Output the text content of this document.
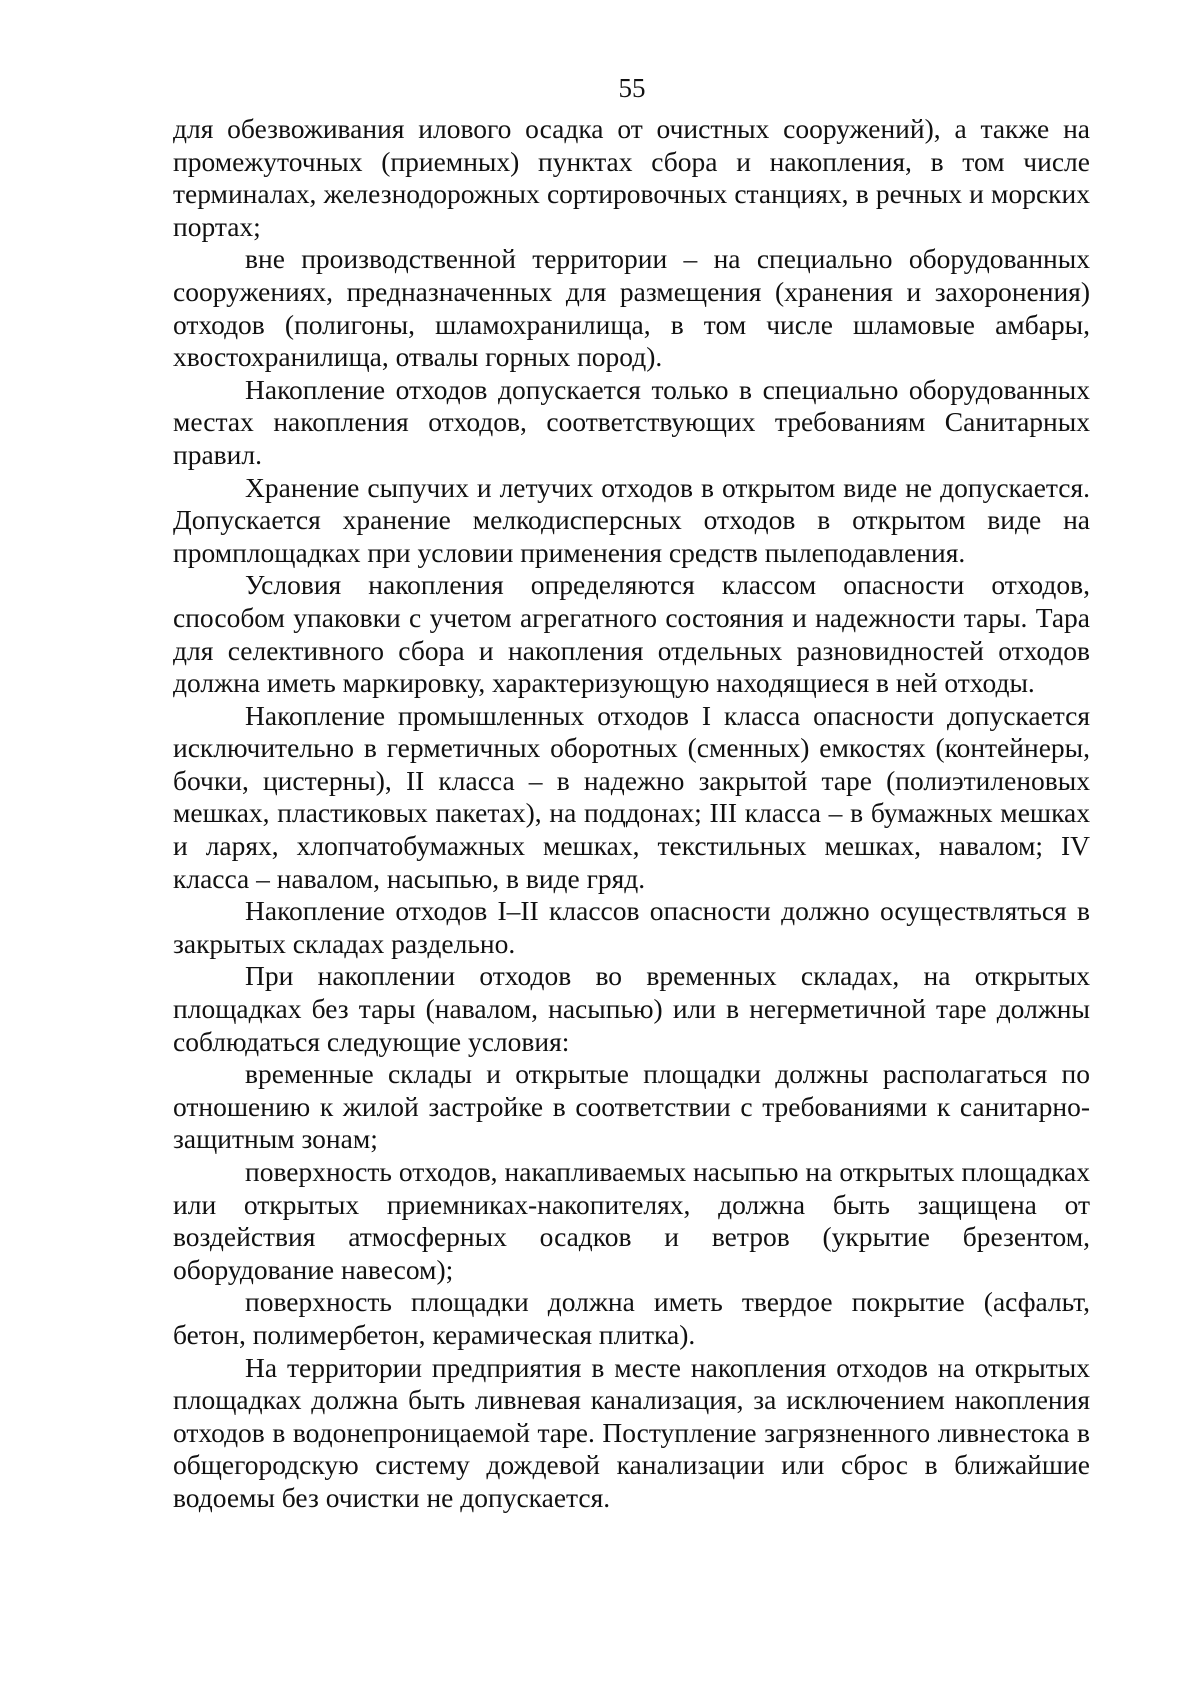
55

для обезвоживания илового осадка от очистных сооружений), а также на промежуточных (приемных) пунктах сбора и накопления, в том числе терминалах, железнодорожных сортировочных станциях, в речных и морских портах;

вне производственной территории – на специально оборудованных сооружениях, предназначенных для размещения (хранения и захоронения) отходов (полигоны, шламохранилища, в том числе шламовые амбары, хвостохранилища, отвалы горных пород).

Накопление отходов допускается только в специально оборудованных местах накопления отходов, соответствующих требованиям Санитарных правил.

Хранение сыпучих и летучих отходов в открытом виде не допускается. Допускается хранение мелкодисперсных отходов в открытом виде на промплощадках при условии применения средств пылеподавления.

Условия накопления определяются классом опасности отходов, способом упаковки с учетом агрегатного состояния и надежности тары. Тара для селективного сбора и накопления отдельных разновидностей отходов должна иметь маркировку, характеризующую находящиеся в ней отходы.

Накопление промышленных отходов I класса опасности допускается исключительно в герметичных оборотных (сменных) емкостях (контейнеры, бочки, цистерны), II класса – в надежно закрытой таре (полиэтиленовых мешках, пластиковых пакетах), на поддонах; III класса – в бумажных мешках и ларях, хлопчатобумажных мешках, текстильных мешках, навалом; IV класса – навалом, насыпью, в виде гряд.

Накопление отходов I–II классов опасности должно осуществляться в закрытых складах раздельно.

При накоплении отходов во временных складах, на открытых площадках без тары (навалом, насыпью) или в негерметичной таре должны соблюдаться следующие условия:

временные склады и открытые площадки должны располагаться по отношению к жилой застройке в соответствии с требованиями к санитарно-защитным зонам;

поверхность отходов, накапливаемых насыпью на открытых площадках или открытых приемниках-накопителях, должна быть защищена от воздействия атмосферных осадков и ветров (укрытие брезентом, оборудование навесом);

поверхность площадки должна иметь твердое покрытие (асфальт, бетон, полимербетон, керамическая плитка).

На территории предприятия в месте накопления отходов на открытых площадках должна быть ливневая канализация, за исключением накопления отходов в водонепроницаемой таре. Поступление загрязненного ливнестока в общегородскую систему дождевой канализации или сброс в ближайшие водоемы без очистки не допускается.
